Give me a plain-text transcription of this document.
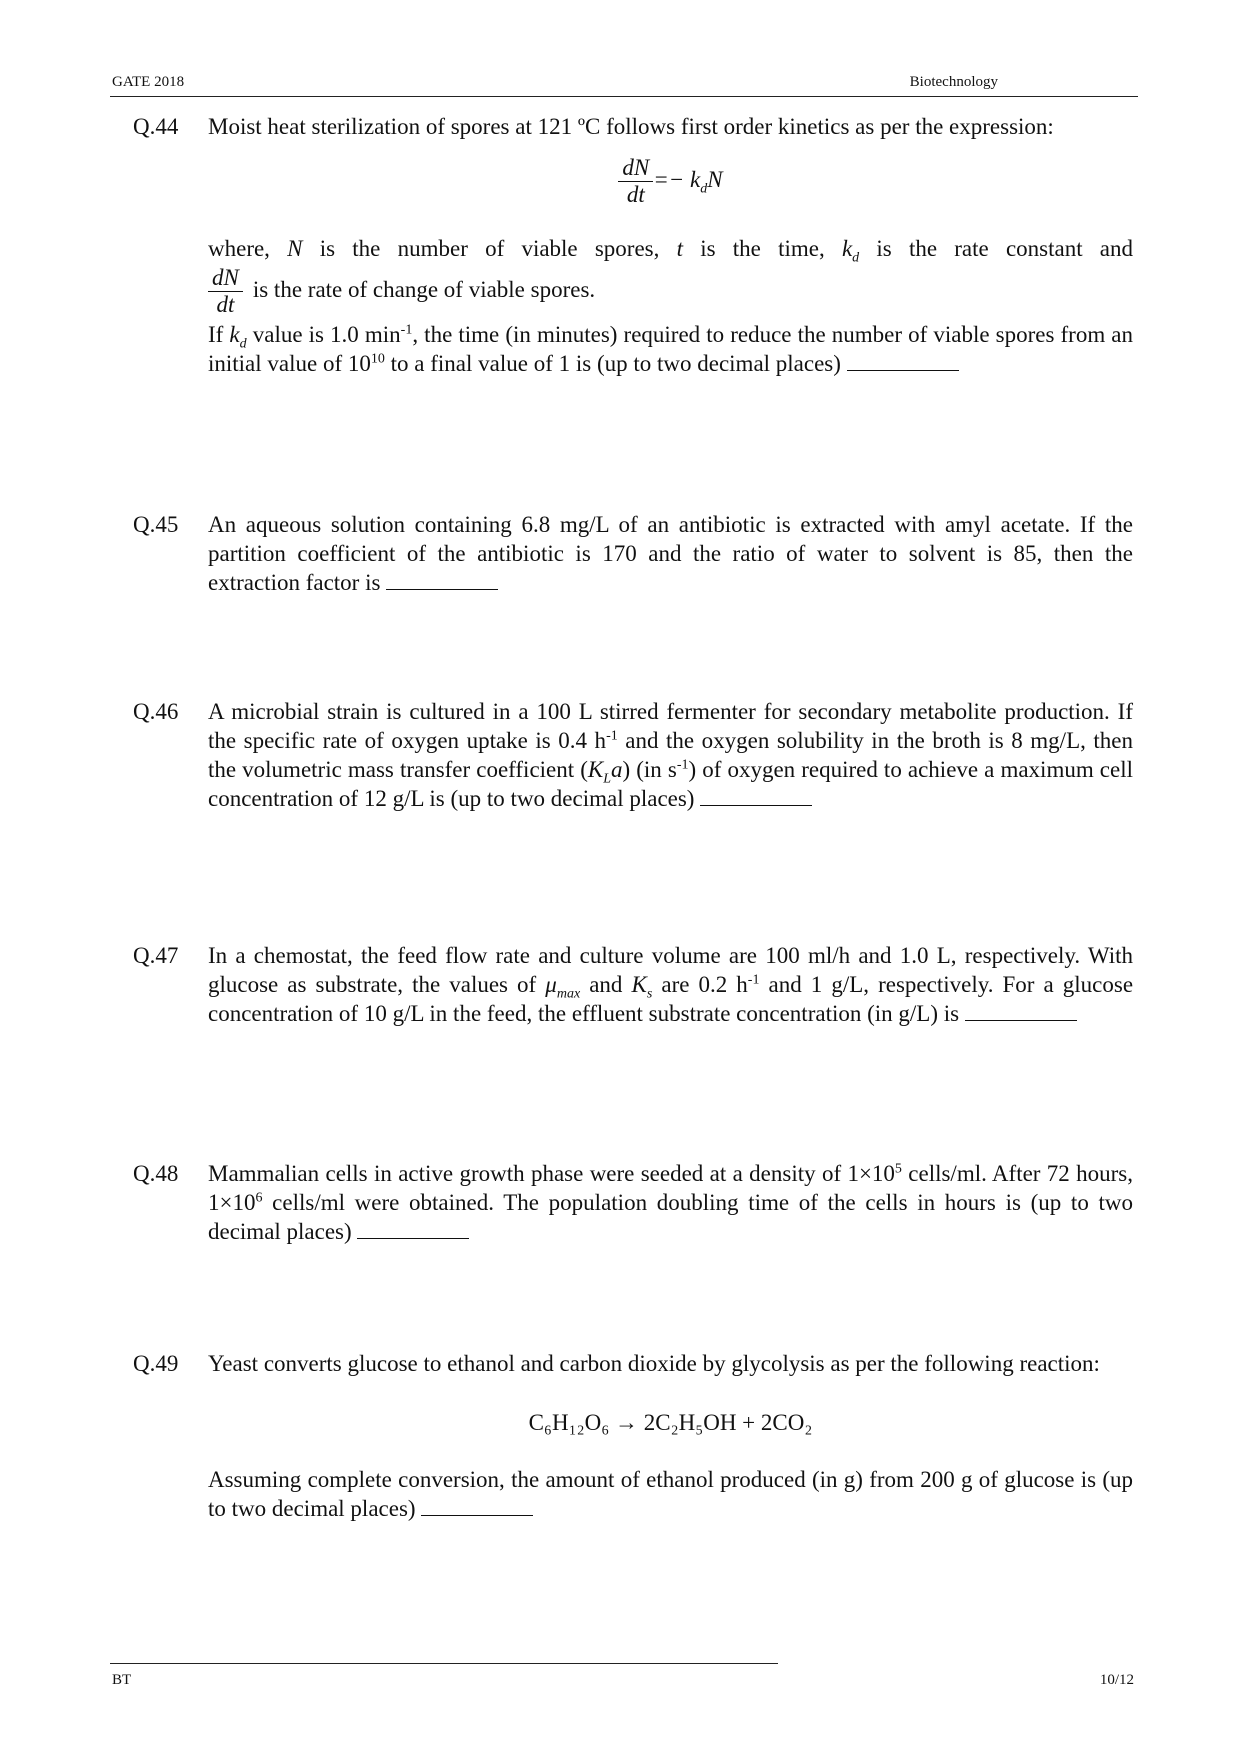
GATE 2018	Biotechnology
Q.44	Moist heat sterilization of spores at 121 ºC follows first order kinetics as per the expression:

$\frac{dN}{dt} =- k_dN$

where, N is the number of viable spores, t is the time, $k_d$ is the rate constant and

$\frac{dN}{dt}$ is the rate of change of viable spores.

If $k_d$ value is 1.0 $\min^{-1}$, the time (in minutes) required to reduce the number of viable spores from an initial value of $10^{10}$ to a final value of 1 is (up to two decimal places)

Q.45	An aqueous solution containing 6.8 mg/L of an antibiotic is extracted with amyl acetate. If the partition coefficient of the antibiotic is 170 and the ratio of water to solvent is 85, then the extraction factor is

Q.46	A microbial strain is cultured in a 100 L stirred fermenter for secondary metabolite production. If the specific rate of oxygen uptake is 0.4 $h^{-1}$ and the oxygen solubility in the broth is 8 mg/L, then the volumetric mass transfer coefficient $(K_La)$ (in $s^{-1}$) of oxygen required to achieve a maximum cell concentration of 12 g/L is (up to two decimal places)

Q.47	In a chemostat, the feed flow rate and culture volume are 100 ml/h and 1.0 L, respectively. With glucose as substrate, the values of $\mu_{max}$ and $K_s$ are 0.2 $h^{-1}$ and 1 g/L, respectively. For a glucose concentration of 10 g/L in the feed, the effluent substrate concentration (in g/L) is

Q.48	Mammalian cells in active growth phase were seeded at a density of $1\times 10^5$ cells/ml. After 72 hours, $1\times 10^6$ cells/ml were obtained. The population doubling time of the cells in hours is (up to two decimal places)

Q.49	Yeast converts glucose to ethanol and carbon dioxide by glycolysis as per the following reaction:

C₆H₁₂O₆ → 2C₂H₅OH + 2CO₂

Assuming complete conversion, the amount of ethanol produced (in g) from 200 g of glucose is (up to two decimal places)

BT	10/12
